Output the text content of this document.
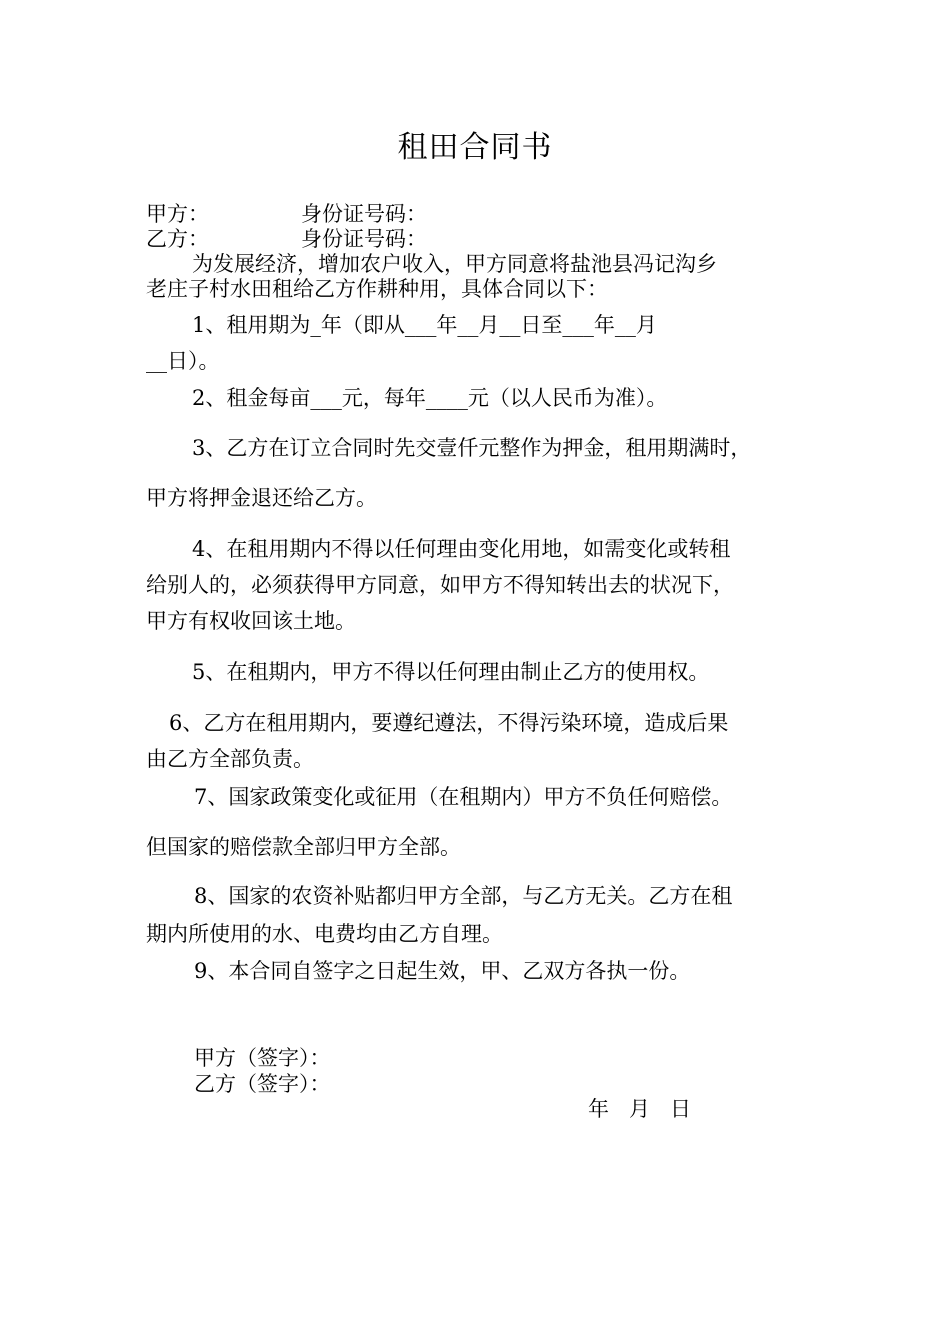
租田合同书
甲方：	身份证号码：
乙方：	身份证号码：
为发展经济，增加农户收入，甲方同意将盐池县冯记沟乡
老庄子村水田租给乙方作耕种用，具体合同以下：
1、租用期为_年（即从___年__月__日至___年__月
__日）。
2、租金每亩___元，每年____元（以人民币为准）。
3、乙方在订立合同时先交壹仟元整作为押金，租用期满时，
甲方将押金退还给乙方。
4、在租用期内不得以任何理由变化用地，如需变化或转租
给别人的，必须获得甲方同意，如甲方不得知转出去的状况下，
甲方有权收回该土地。
5、在租期内，甲方不得以任何理由制止乙方的使用权。
6、乙方在租用期内，要遵纪遵法，不得污染环境，造成后果
由乙方全部负责。
7、国家政策变化或征用（在租期内）甲方不负任何赔偿。
但国家的赔偿款全部归甲方全部。
8、国家的农资补贴都归甲方全部，与乙方无关。乙方在租
期内所使用的水、电费均由乙方自理。
9、本合同自签字之日起生效，甲、乙双方各执一份。
甲方（签字）：
乙方（签字）：
年   月   日
